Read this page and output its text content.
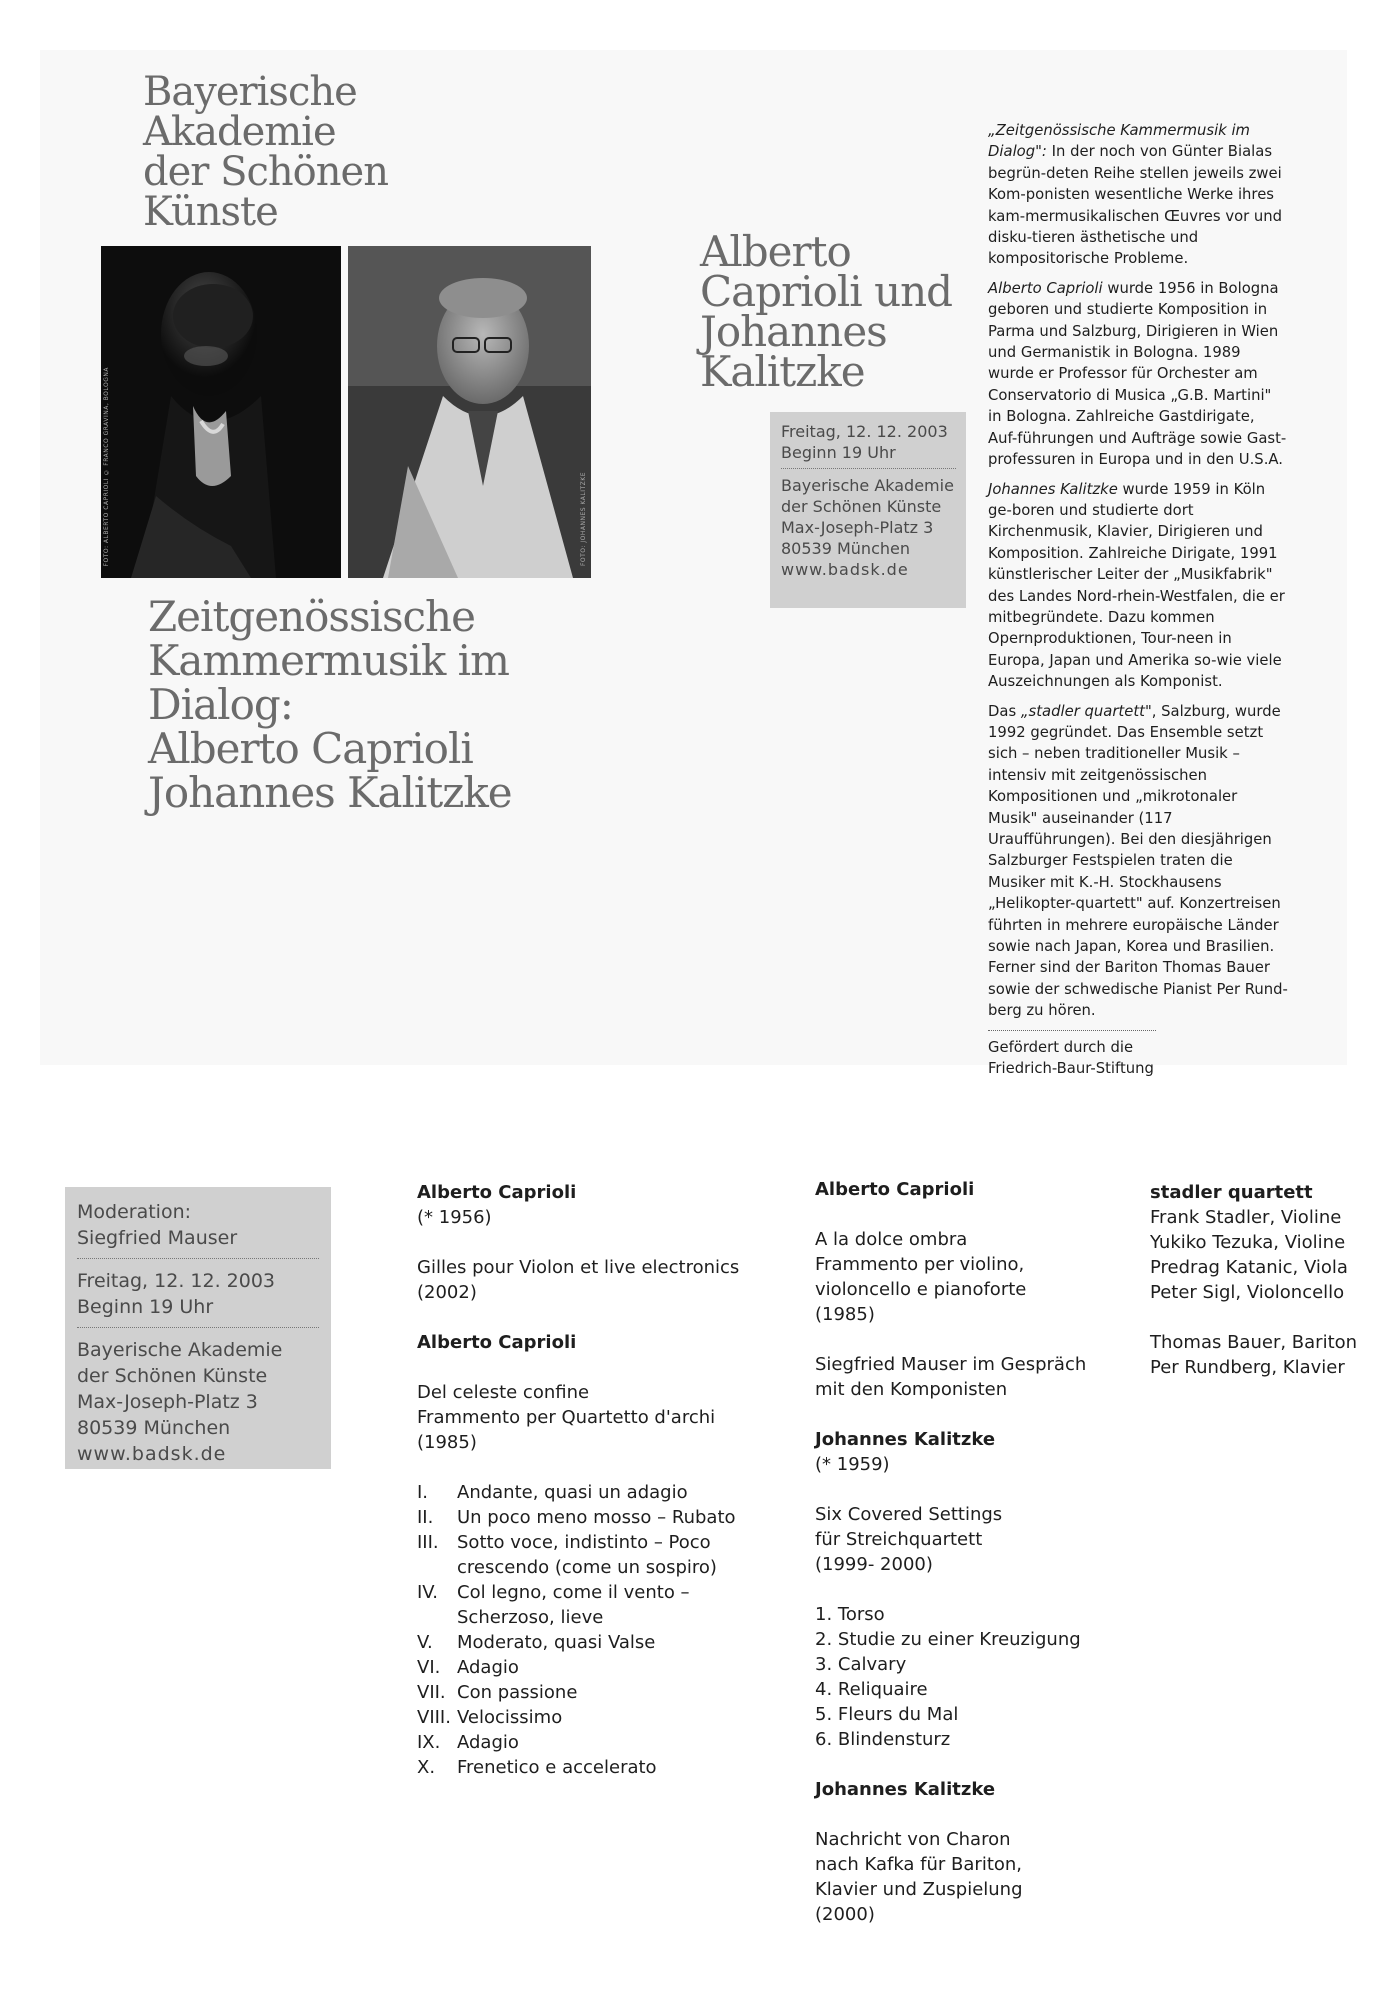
Bayerische
Akademie
der Schönen
Künste
FOTO: ALBERTO CAPRIOLI © FRANCO GRAVINA, BOLOGNA	FOTO: JOHANNES KALITZKE
Zeitgenössische
Kammermusik im
Dialog:
Alberto Caprioli
Johannes Kalitzke
Alberto
Caprioli und
Johannes
Kalitzke
Freitag, 12. 12. 2003
Beginn 19 Uhr
Bayerische Akademie
der Schönen Künste
Max-Joseph-Platz 3
80539 München
www.badsk.de

„Zeitgenössische Kammermusik im Dialog": In der noch von Günter Bialas begrün-deten Reihe stellen jeweils zwei Kom-ponisten wesentliche Werke ihres kam-mermusikalischen Œuvres vor und disku-tieren ästhetische und kompositorische Probleme.

Alberto Caprioli wurde 1956 in Bologna geboren und studierte Komposition in Parma und Salzburg, Dirigieren in Wien und Germanistik in Bologna. 1989 wurde er Professor für Orchester am Conservatorio di Musica „G.B. Martini" in Bologna. Zahlreiche Gastdirigate, Auf-führungen und Aufträge sowie Gast-professuren in Europa und in den U.S.A.

Johannes Kalitzke wurde 1959 in Köln ge-boren und studierte dort Kirchenmusik, Klavier, Dirigieren und Komposition. Zahlreiche Dirigate, 1991 künstlerischer Leiter der „Musikfabrik" des Landes Nord-rhein-Westfalen, die er mitbegründete. Dazu kommen Opernproduktionen, Tour-neen in Europa, Japan und Amerika so-wie viele Auszeichnungen als Komponist.

Das „stadler quartett", Salzburg, wurde 1992 gegründet. Das Ensemble setzt sich – neben traditioneller Musik – intensiv mit zeitgenössischen Kompositionen und „mikrotonaler Musik" auseinander (117 Uraufführungen). Bei den diesjährigen Salzburger Festspielen traten die Musiker mit K.-H. Stockhausens „Helikopter-quartett" auf. Konzertreisen führten in mehrere europäische Länder sowie nach Japan, Korea und Brasilien.

Ferner sind der Bariton Thomas Bauer sowie der schwedische Pianist Per Rund-berg zu hören.

Gefördert durch die
Friedrich-Baur-Stiftung
Moderation:
Siegfried Mauser
Freitag, 12. 12. 2003
Beginn 19 Uhr
Bayerische Akademie
der Schönen Künste
Max-Joseph-Platz 3
80539 München
www.badsk.de
Alberto Caprioli
(* 1956)
Gilles pour Violon et live electronics
(2002)
Alberto Caprioli
Del celeste confine
Frammento per Quartetto d'archi
(1985)
I.	Andante, quasi un adagio
II.	Un poco meno mosso – Rubato
III.	Sotto voce, indistinto – Poco
crescendo (come un sospiro)
IV.	Col legno, come il vento –
Scherzoso, lieve
V.	Moderato, quasi Valse
VI. Adagio
VII. Con passione
VIII. Velocissimo
IX. Adagio
X.	Frenetico e accelerato
Alberto Caprioli
A la dolce ombra
Frammento per violino,
violoncello e pianoforte
(1985)
Siegfried Mauser im Gespräch
mit den Komponisten
Johannes Kalitzke
(* 1959)
Six Covered Settings
für Streichquartett
(1999- 2000)
1. Torso
2. Studie zu einer Kreuzigung
3. Calvary
4. Reliquaire
5. Fleurs du Mal
6. Blindensturz
Johannes Kalitzke
Nachricht von Charon
nach Kafka für Bariton,
Klavier und Zuspielung
(2000)
stadler quartett
Frank Stadler, Violine
Yukiko Tezuka, Violine
Predrag Katanic, Viola
Peter Sigl, Violoncello
Thomas Bauer, Bariton
Per Rundberg, Klavier
